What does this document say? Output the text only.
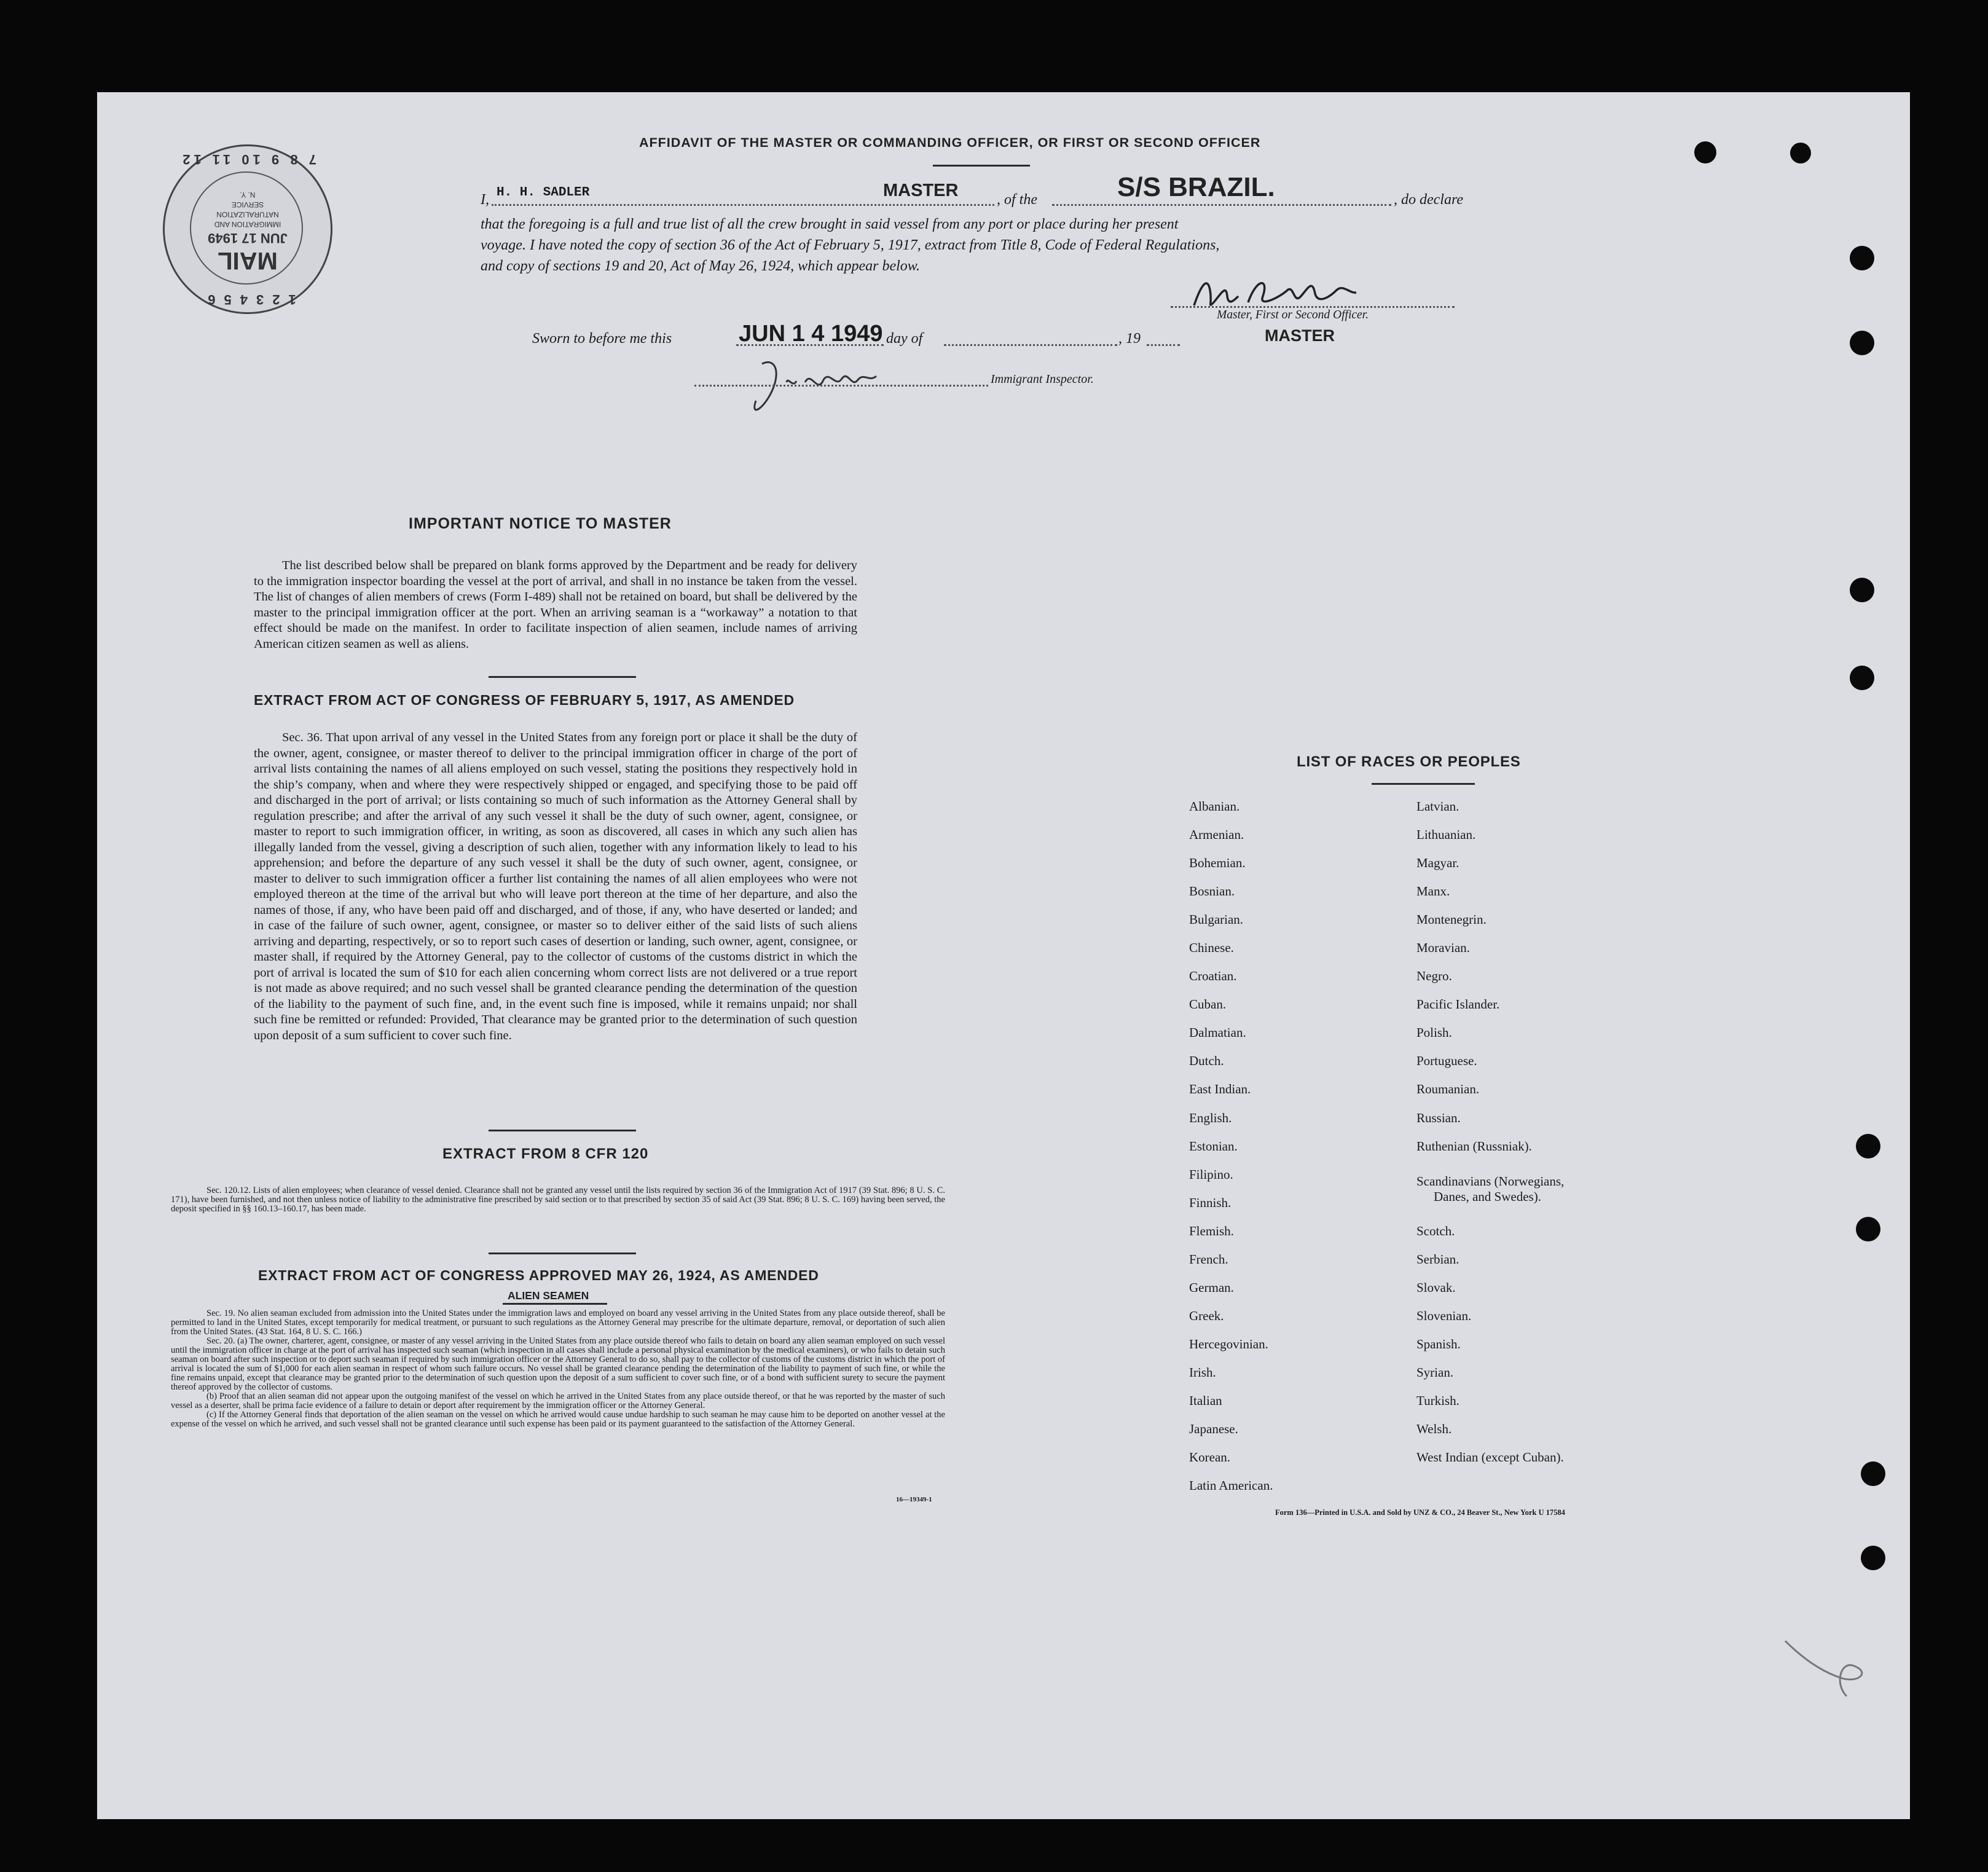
123456
7 8 9 10 11 12
MAIL
JUN 17 1949
IMMIGRATION AND
NATURALIZATION
SERVICE
N. Y.
AFFIDAVIT OF THE MASTER OR COMMANDING OFFICER, OR FIRST OR SECOND OFFICER
I, H. H. SADLER	MASTER	, of the	S/S BRAZIL.	, do declare
that the foregoing is a full and true list of all the crew brought in said vessel from any port or place during her present
voyage. I have noted the copy of section 36 of the Act of February 5, 1917, extract from Title 8, Code of Federal Regulations,
and copy of sections 19 and 20, Act of May 26, 1924, which appear below.
Master, First or Second Officer.
MASTER
Sworn to before me this	JUN 1 4 1949 day of	, 19
Immigrant Inspector.
IMPORTANT NOTICE TO MASTER
The list described below shall be prepared on blank forms approved by the Department and be ready for delivery to the immigration inspector boarding the vessel at the port of arrival, and shall in no instance be taken from the vessel. The list of changes of alien members of crews (Form I-489) shall not be retained on board, but shall be delivered by the master to the principal immigration officer at the port. When an arriving seaman is a “workaway” a notation to that effect should be made on the manifest. In order to facilitate inspection of alien seamen, include names of arriving American citizen seamen as well as aliens.
EXTRACT FROM ACT OF CONGRESS OF FEBRUARY 5, 1917, AS AMENDED
Sec. 36. That upon arrival of any vessel in the United States from any foreign port or place it shall be the duty of the owner, agent, consignee, or master thereof to deliver to the principal immigration officer in charge of the port of arrival lists containing the names of all aliens employed on such vessel, stating the positions they respectively hold in the ship’s company, when and where they were respectively shipped or engaged, and specifying those to be paid off and discharged in the port of arrival; or lists containing so much of such information as the Attorney General shall by regulation prescribe; and after the arrival of any such vessel it shall be the duty of such owner, agent, consignee, or master to report to such immigration officer, in writing, as soon as discovered, all cases in which any such alien has illegally landed from the vessel, giving a description of such alien, together with any information likely to lead to his apprehension; and before the departure of any such vessel it shall be the duty of such owner, agent, consignee, or master to deliver to such immigration officer a further list containing the names of all alien employees who were not employed thereon at the time of the arrival but who will leave port thereon at the time of her departure, and also the names of those, if any, who have been paid off and discharged, and of those, if any, who have deserted or landed; and in case of the failure of such owner, agent, consignee, or master so to deliver either of the said lists of such aliens arriving and departing, respectively, or so to report such cases of desertion or landing, such owner, agent, consignee, or master shall, if required by the Attorney General, pay to the collector of customs of the customs district in which the port of arrival is located the sum of $10 for each alien concerning whom correct lists are not delivered or a true report is not made as above required; and no such vessel shall be granted clearance pending the determination of the question of the liability to the payment of such fine, and, in the event such fine is imposed, while it remains unpaid; nor shall such fine be remitted or refunded: Provided, That clearance may be granted prior to the determination of such question upon deposit of a sum sufficient to cover such fine.
EXTRACT FROM 8 CFR 120
Sec. 120.12. Lists of alien employees; when clearance of vessel denied. Clearance shall not be granted any vessel until the lists required by section 36 of the Immigration Act of 1917 (39 Stat. 896; 8 U. S. C. 171), have been furnished, and not then unless notice of liability to the administrative fine prescribed by said section or to that prescribed by section 35 of said Act (39 Stat. 896; 8 U. S. C. 169) having been served, the deposit specified in §§ 160.13–160.17, has been made.
EXTRACT FROM ACT OF CONGRESS APPROVED MAY 26, 1924, AS AMENDED
ALIEN SEAMEN
Sec. 19. No alien seaman excluded from admission into the United States under the immigration laws and employed on board any vessel arriving in the United States from any place outside thereof, shall be permitted to land in the United States, except temporarily for medical treatment, or pursuant to such regulations as the Attorney General may prescribe for the ultimate departure, removal, or deportation of such alien from the United States. (43 Stat. 164, 8 U. S. C. 166.)
Sec. 20. (a) The owner, charterer, agent, consignee, or master of any vessel arriving in the United States from any place outside thereof who fails to detain on board any alien seaman employed on such vessel until the immigration officer in charge at the port of arrival has inspected such seaman (which inspection in all cases shall include a personal physical examination by the medical examiners), or who fails to detain such seaman on board after such inspection or to deport such seaman if required by such immigration officer or the Attorney General to do so, shall pay to the collector of customs of the customs district in which the port of arrival is located the sum of $1,000 for each alien seaman in respect of whom such failure occurs. No vessel shall be granted clearance pending the determination of the liability to payment of such fine, or while the fine remains unpaid, except that clearance may be granted prior to the determination of such question upon the deposit of a sum sufficient to cover such fine, or of a bond with sufficient surety to secure the payment thereof approved by the collector of customs.
(b) Proof that an alien seaman did not appear upon the outgoing manifest of the vessel on which he arrived in the United States from any place outside thereof, or that he was reported by the master of such vessel as a deserter, shall be prima facie evidence of a failure to detain or deport after requirement by the immigration officer or the Attorney General.
(c) If the Attorney General finds that deportation of the alien seaman on the vessel on which he arrived would cause undue hardship to such seaman he may cause him to be deported on another vessel at the expense of the vessel on which he arrived, and such vessel shall not be granted clearance until such expense has been paid or its payment guaranteed to the satisfaction of the Attorney General.
16—19349-1
LIST OF RACES OR PEOPLES
Albanian.
Armenian.
Bohemian.
Bosnian.
Bulgarian.
Chinese.
Croatian.
Cuban.
Dalmatian.
Dutch.
East Indian.
English.
Estonian.
Filipino.
Finnish.
Flemish.
French.
German.
Greek.
Hercegovinian.
Irish.
Italian
Japanese.
Korean.
Latin American.
Latvian.
Lithuanian.
Magyar.
Manx.
Montenegrin.
Moravian.
Negro.
Pacific Islander.
Polish.
Portuguese.
Roumanian.
Russian.
Ruthenian (Russniak).
Scandinavians (Norwegians,
Danes, and Swedes).
Scotch.
Serbian.
Slovak.
Slovenian.
Spanish.
Syrian.
Turkish.
Welsh.
West Indian (except Cuban).
Form 136—Printed in U.S.A. and Sold by UNZ & CO., 24 Beaver St., New York U 17584
